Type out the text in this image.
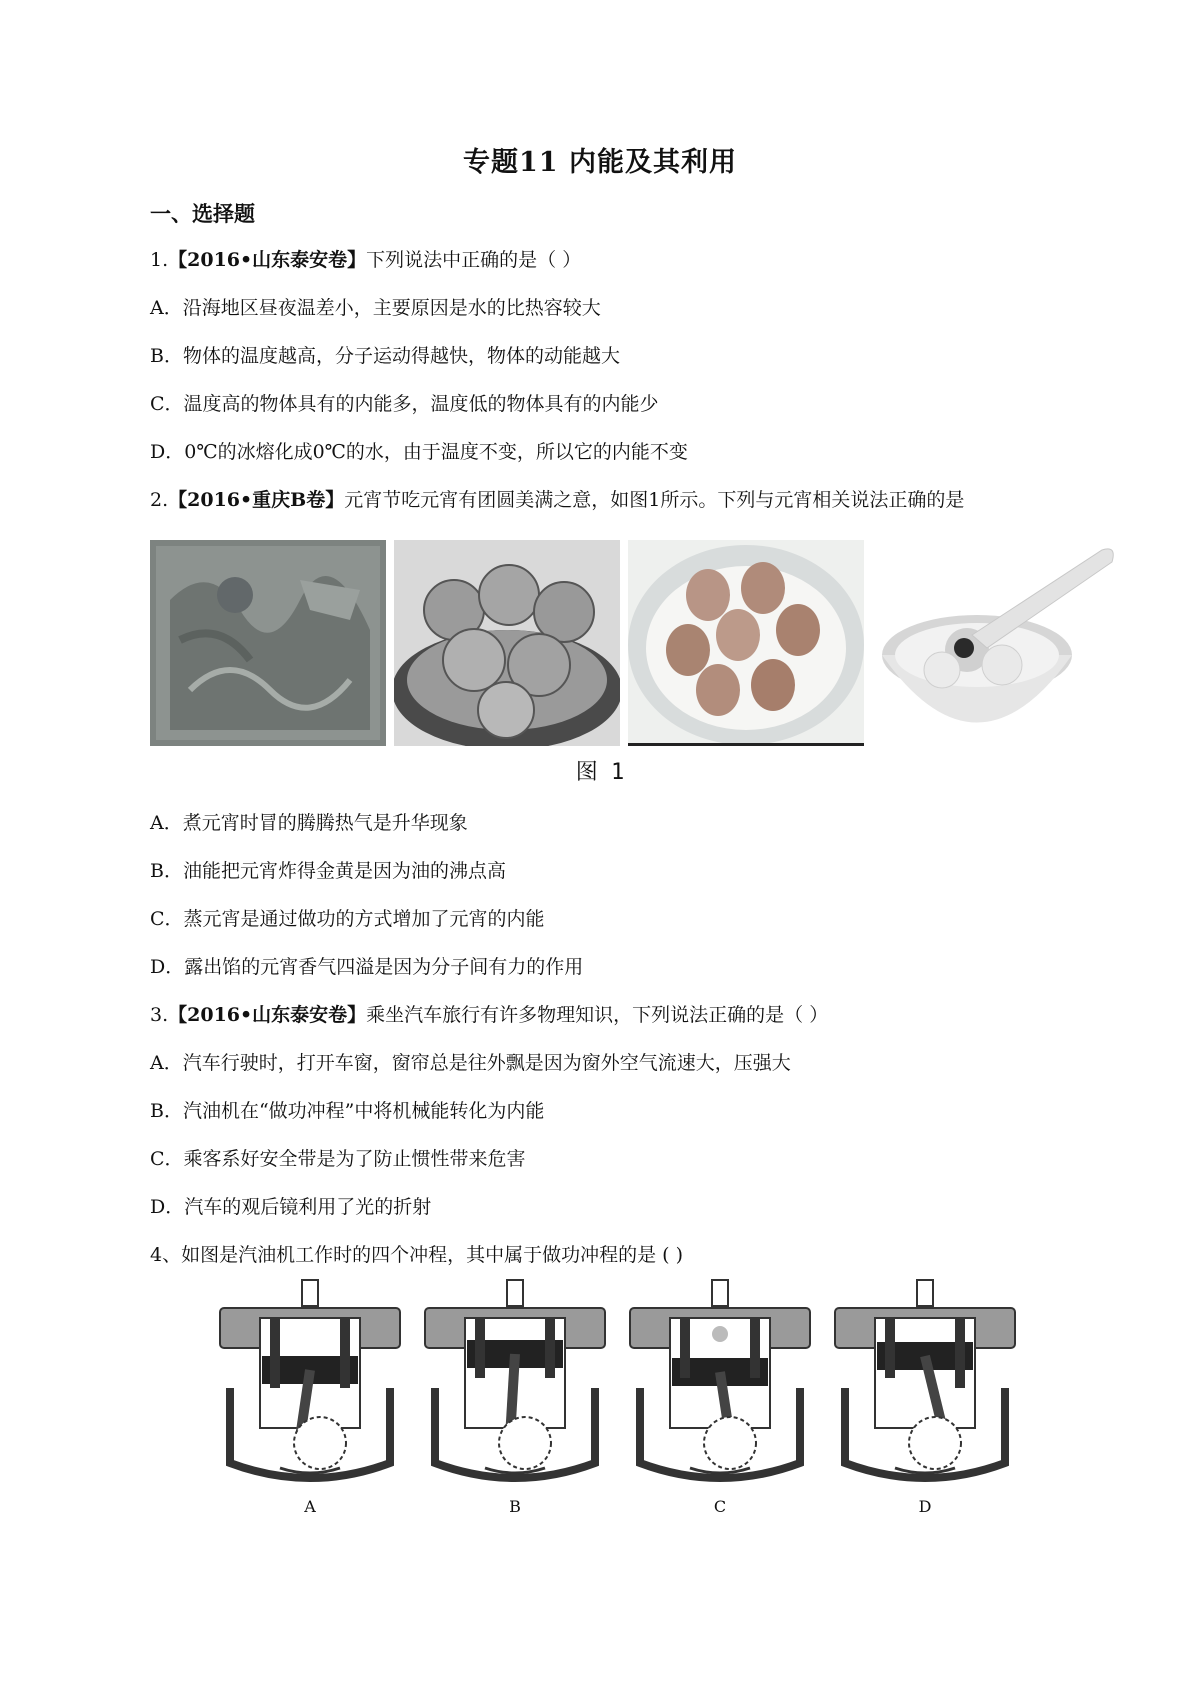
专题11 内能及其利用
一、选择题
1.【2016•山东泰安卷】下列说法中正确的是（ ）
A．沿海地区昼夜温差小，主要原因是水的比热容较大
B．物体的温度越高，分子运动得越快，物体的动能越大
C．温度高的物体具有的内能多，温度低的物体具有的内能少
D．0℃的冰熔化成0℃的水，由于温度不变，所以它的内能不变
2.【2016•重庆B卷】元宵节吃元宵有团圆美满之意，如图1所示。下列与元宵相关说法正确的是
图 1
A．煮元宵时冒的腾腾热气是升华现象
B．油能把元宵炸得金黄是因为油的沸点高
C．蒸元宵是通过做功的方式增加了元宵的内能
D．露出馅的元宵香气四溢是因为分子间有力的作用
3.【2016•山东泰安卷】乘坐汽车旅行有许多物理知识，下列说法正确的是（ ）
A．汽车行驶时，打开车窗，窗帘总是往外飘是因为窗外空气流速大，压强大
B．汽油机在“做功冲程”中将机械能转化为内能
C．乘客系好安全带是为了防止惯性带来危害
D．汽车的观后镜利用了光的折射
4、如图是汽油机工作时的四个冲程，其中属于做功冲程的是 ( )
A	B	C	D
